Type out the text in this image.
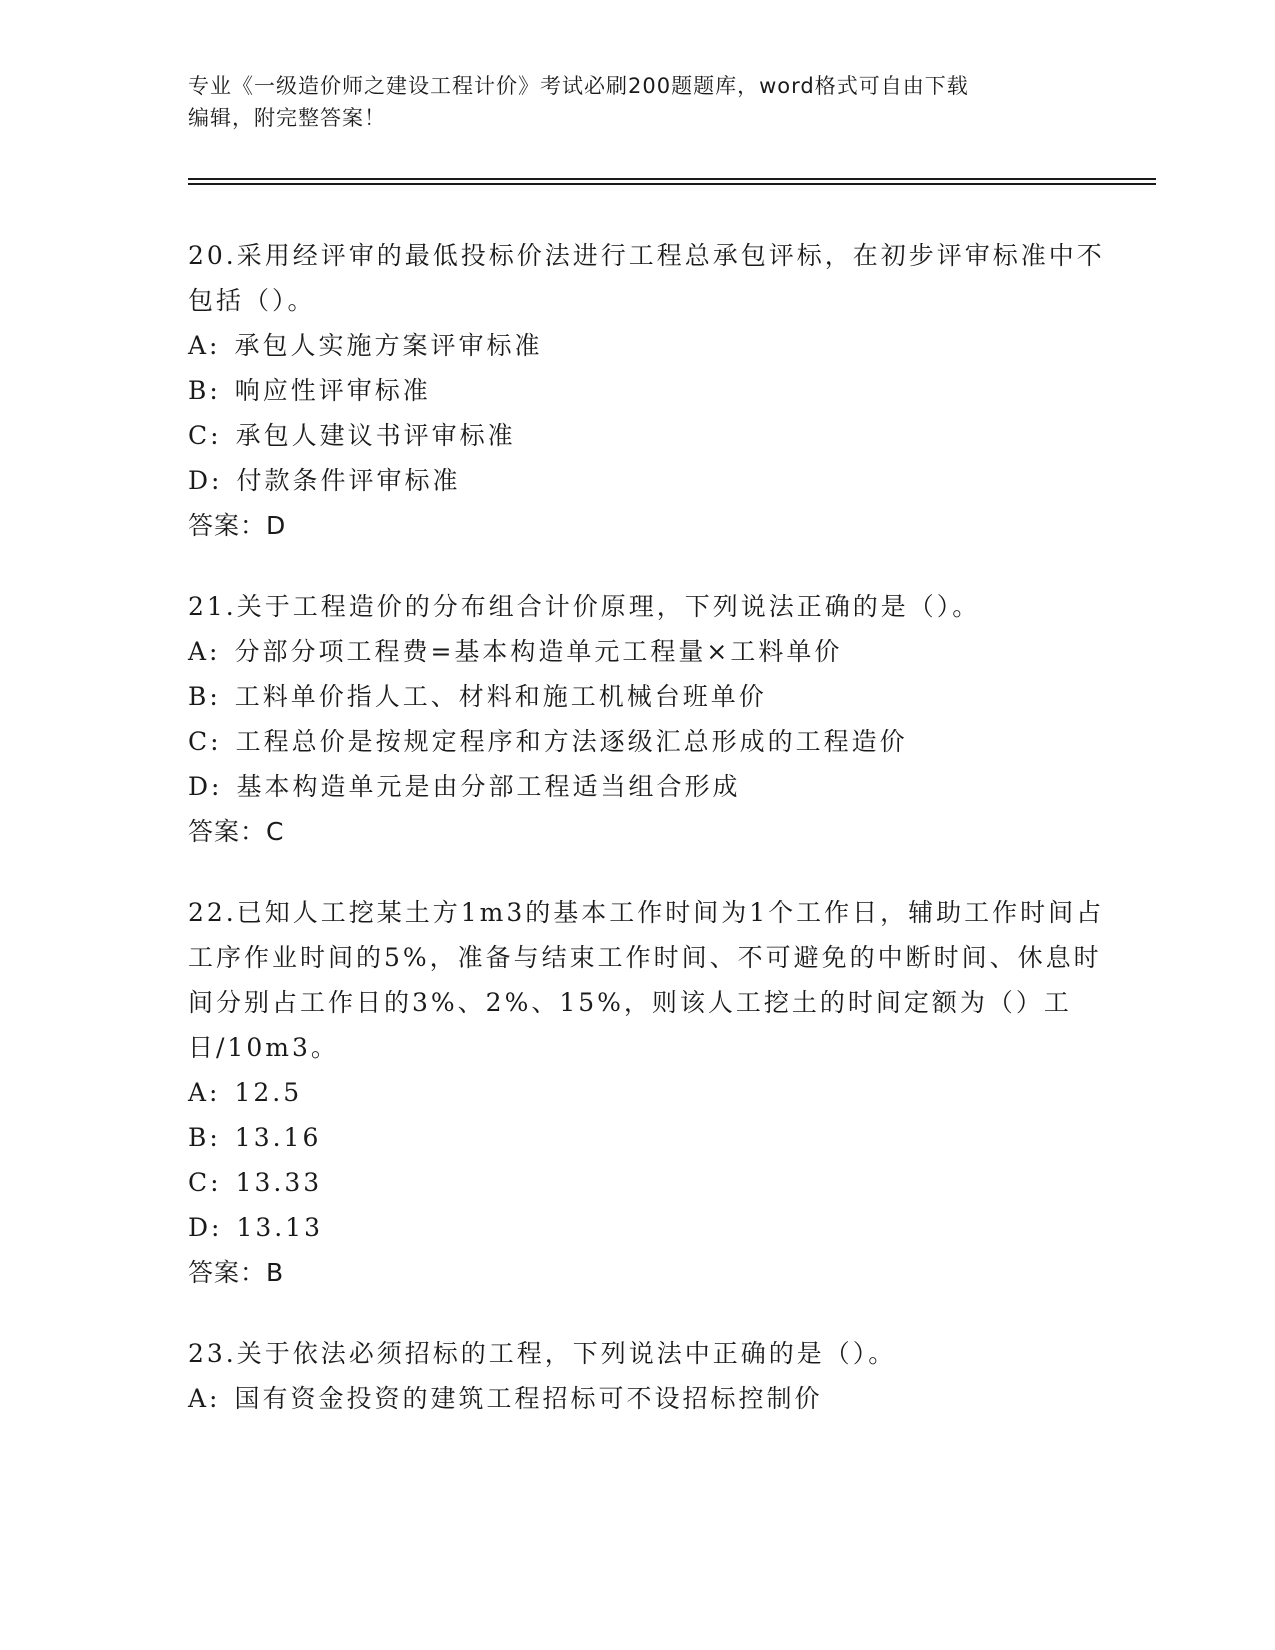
专业《一级造价师之建设工程计价》考试必刷200题题库，word格式可自由下载
编辑，附完整答案！

20.采用经评审的最低投标价法进行工程总承包评标，在初步评审标准中不包括（）。

A: 承包人实施方案评审标准
B: 响应性评审标准
C: 承包人建议书评审标准
D: 付款条件评审标准
答案：D

21.关于工程造价的分布组合计价原理，下列说法正确的是（）。

A: 分部分项工程费=基本构造单元工程量×工料单价
B: 工料单价指人工、材料和施工机械台班单价
C: 工程总价是按规定程序和方法逐级汇总形成的工程造价
D: 基本构造单元是由分部工程适当组合形成
答案：C

22.已知人工挖某土方1m3的基本工作时间为1个工作日，辅助工作时间占工序作业时间的5%，准备与结束工作时间、不可避免的中断时间、休息时间分别占工作日的3%、2%、15%，则该人工挖土的时间定额为（）工日/10m3。

A: 12.5
B: 13.16
C: 13.33
D: 13.13
答案：B

23.关于依法必须招标的工程，下列说法中正确的是（）。

A: 国有资金投资的建筑工程招标可不设招标控制价
